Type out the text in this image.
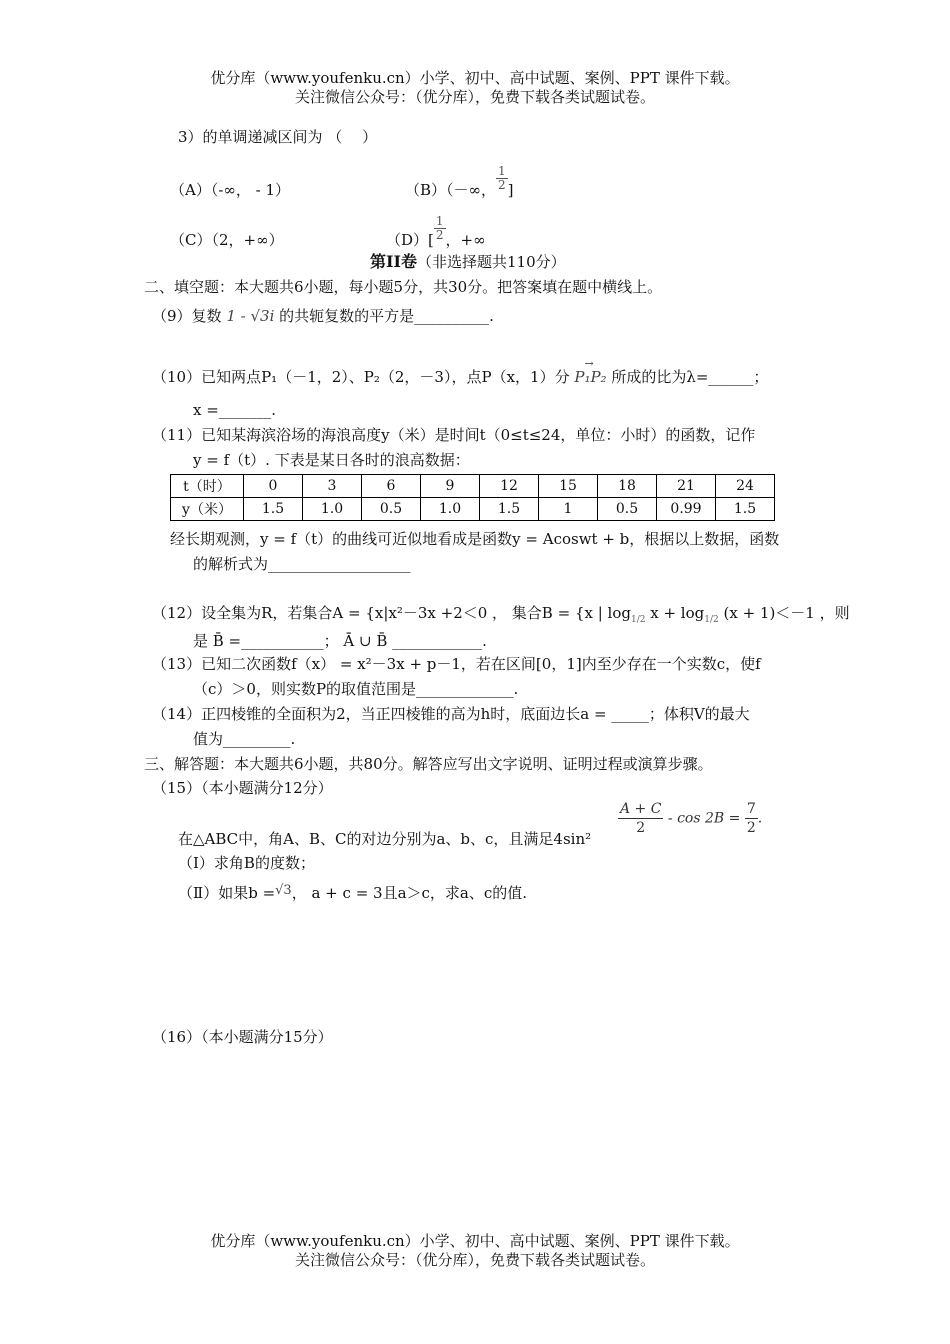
优分库（www.youfenku.cn）小学、初中、高中试题、案例、PPT 课件下载。
关注微信公众号：（优分库），免费下载各类试题试卷。
3）的单调递减区间为 （　 ）
（A）（-∞， - 1）	（B）（－∞， $\frac{1}{2}$ ]
（C）（2，+∞）	$(D)[ \frac{1}{2}$ ，+∞
第II卷（非选择题共110分）
二、填空题：本大题共6小题，每小题5分，共30分。把答案填在题中横线上。
（9）复数 1 - √3i 的共轭复数的平方是__________.
（10）已知两点P₁（－1，2）、P₂（2，－3），点P（x，1）分
→
P₁P₂ 所成的比为λ=______；
x =_______.
（11）已知某海滨浴场的海浪高度y（米）是时间t（0≤t≤24，单位：小时）的函数，记作
y = f（t）. 下表是某日各时的浪高数据：
t（时）	0	3	6	9	12	15	18	21	24
y（米）	1.5	1.0	0.5	1.0	1.5	1	0.5	0.99	1.5
经长期观测，y = f（t）的曲线可近似地看成是函数y = Acoswt + b，根据以上数据，函数
的解析式为___________________
（12）设全集为R，若集合A = {x|x²－3x +2＜0 ， 集合B = {x | $\log_{1/2} x + \log_{1/2} (x + 1)<-1$ ，则
是 B̄ =___________； Ā ∪ B̄ ____________.
（13）已知二次函数f（x） = x²－3x + p－1，若在区间[0，1]内至少存在一个实数c，使f
（c）＞0，则实数P的取值范围是_____________.
（14）正四棱锥的全面积为2，当正四棱锥的高为h时，底面边长a = _____；体积V的最大
值为_________.
三、解答题：本大题共6小题，共80分。解答应写出文字说明、证明过程或演算步骤。
（15）（本小题满分12分）
在△ABC中，角A、B、C的对边分别为a、b、c，且满足4sin²
$\frac{A + C}{2} - \cos 2B = \frac{7}{2}$ .
（Ⅰ）求角B的度数；
（Ⅱ）如果b =√3， a + c = 3且a＞c，求a、c的值.
（16）（本小题满分15分）
优分库（www.youfenku.cn）小学、初中、高中试题、案例、PPT 课件下载。
关注微信公众号：（优分库），免费下载各类试题试卷。
